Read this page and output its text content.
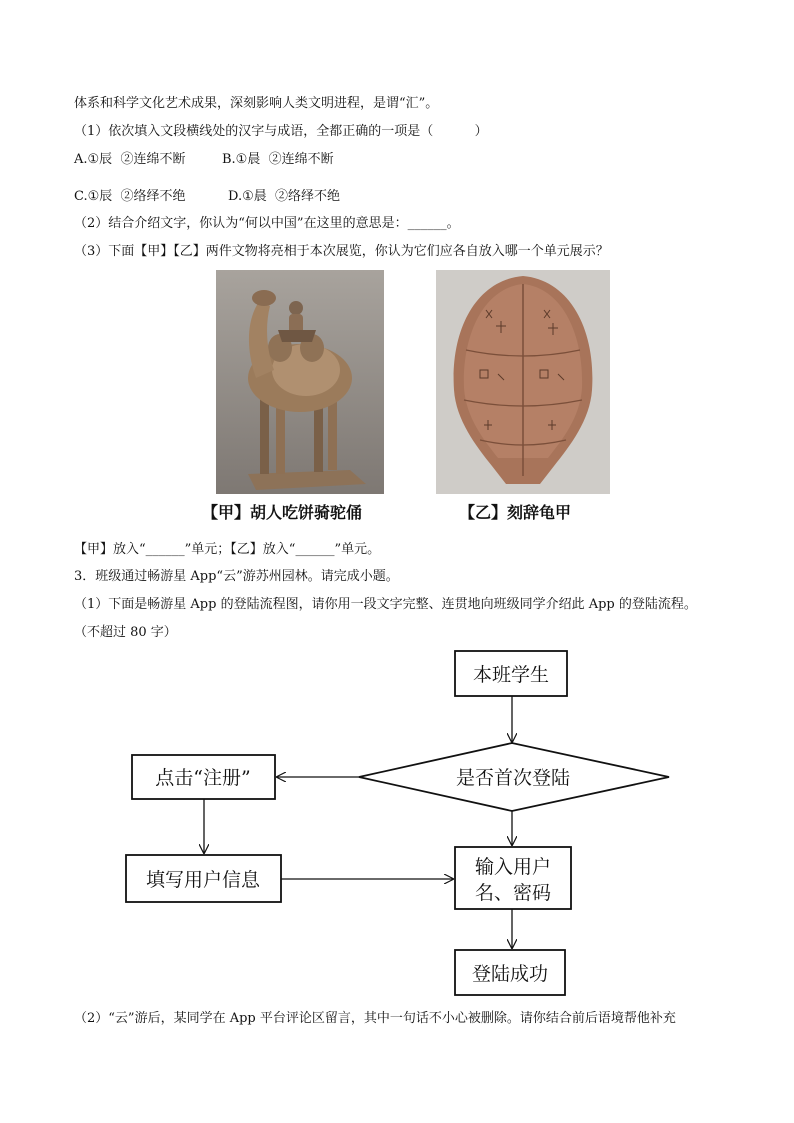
体系和科学文化艺术成果，深刻影响人类文明进程，是谓“汇”。
（1）依次填入文段横线处的汉字与成语，全都正确的一项是（          ）
A.①辰  ②连绵不断	B.①晨  ②连绵不断
C.①辰  ②络绎不绝	D.①晨  ②络绎不绝
（2）结合介绍文字，你认为“何以中国”在这里的意思是：______。
（3）下面【甲】【乙】两件文物将亮相于本次展览，你认为它们应各自放入哪一个单元展示？
【甲】胡人吃饼骑驼俑	【乙】刻辞龟甲
【甲】放入“______”单元；【乙】放入“______”单元。
3．班级通过畅游星 App“云”游苏州园林。请完成小题。
（1）下面是畅游星 App 的登陆流程图，请你用一段文字完整、连贯地向班级同学介绍此 App 的登陆流程。
（不超过 80 字）
本班学生
是否首次登陆
点击“注册”
填写用户信息
输入用户
名、密码
登陆成功
（2）“云”游后，某同学在 App 平台评论区留言，其中一句话不小心被删除。请你结合前后语境帮他补充
